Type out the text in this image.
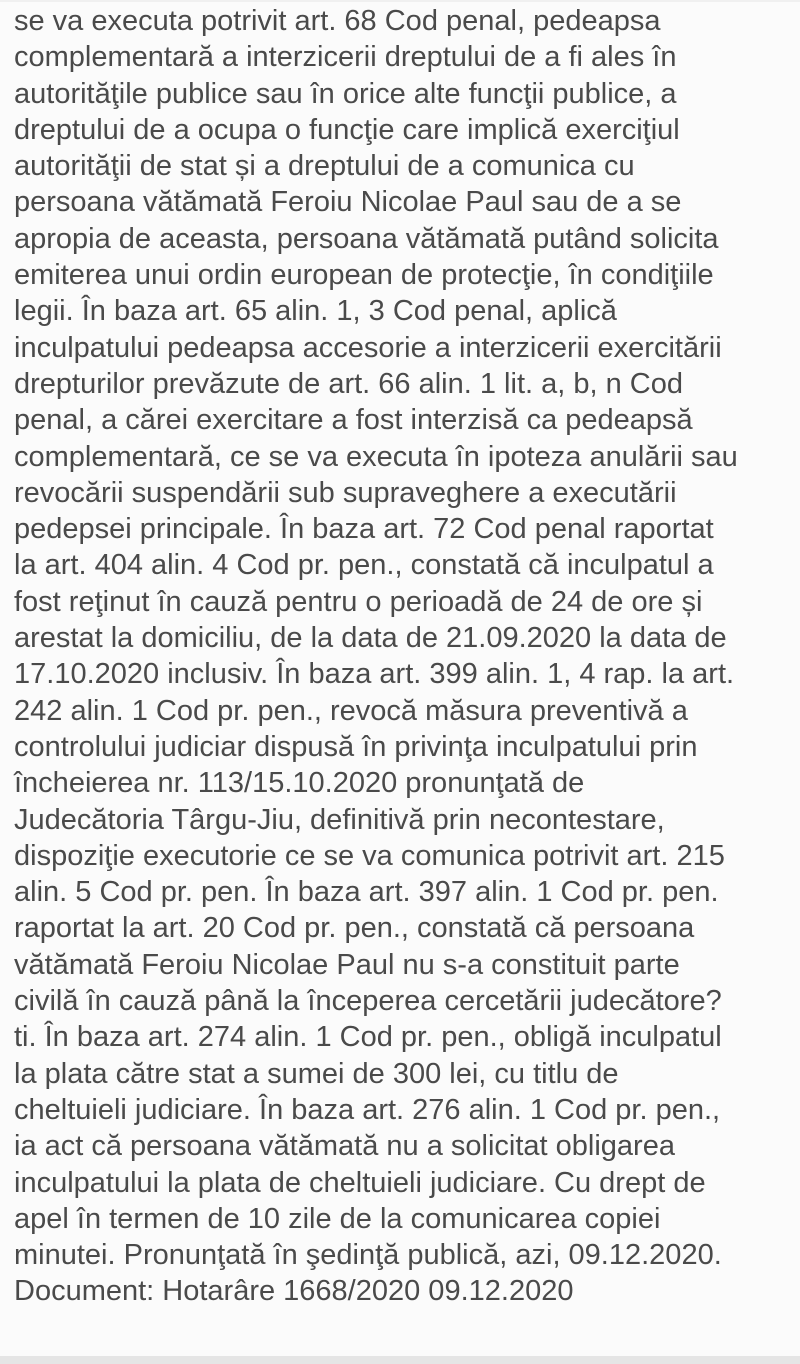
se va executa potrivit art. 68 Cod penal, pedeapsa
complementară a interzicerii dreptului de a fi ales în
autorităţile publice sau în orice alte funcţii publice, a
dreptului de a ocupa o funcţie care implică exerciţiul
autorităţii de stat și a dreptului de a comunica cu
persoana vătămată Feroiu Nicolae Paul sau de a se
apropia de aceasta, persoana vătămată putând solicita
emiterea unui ordin european de protecţie, în condiţiile
legii. În baza art. 65 alin. 1, 3 Cod penal, aplică
inculpatului pedeapsa accesorie a interzicerii exercitării
drepturilor prevăzute de art. 66 alin. 1 lit. a, b, n Cod
penal, a cărei exercitare a fost interzisă ca pedeapsă
complementară, ce se va executa în ipoteza anulării sau
revocării suspendării sub supraveghere a executării
pedepsei principale. În baza art. 72 Cod penal raportat
la art. 404 alin. 4 Cod pr. pen., constată că inculpatul a
fost reţinut în cauză pentru o perioadă de 24 de ore și
arestat la domiciliu, de la data de 21.09.2020 la data de
17.10.2020 inclusiv. În baza art. 399 alin. 1, 4 rap. la art.
242 alin. 1 Cod pr. pen., revocă măsura preventivă a
controlului judiciar dispusă în privinţa inculpatului prin
încheierea nr. 113/15.10.2020 pronunţată de
Judecătoria Târgu-Jiu, definitivă prin necontestare,
dispoziţie executorie ce se va comunica potrivit art. 215
alin. 5 Cod pr. pen. În baza art. 397 alin. 1 Cod pr. pen.
raportat la art. 20 Cod pr. pen., constată că persoana
vătămată Feroiu Nicolae Paul nu s-a constituit parte
civilă în cauză până la începerea cercetării judecătore?
ti. În baza art. 274 alin. 1 Cod pr. pen., obligă inculpatul
la plata către stat a sumei de 300 lei, cu titlu de
cheltuieli judiciare. În baza art. 276 alin. 1 Cod pr. pen.,
ia act că persoana vătămată nu a solicitat obligarea
inculpatului la plata de cheltuieli judiciare. Cu drept de
apel în termen de 10 zile de la comunicarea copiei
minutei. Pronunţată în şedinţă publică, azi, 09.12.2020.
Document: Hotarâre 1668/2020 09.12.2020
